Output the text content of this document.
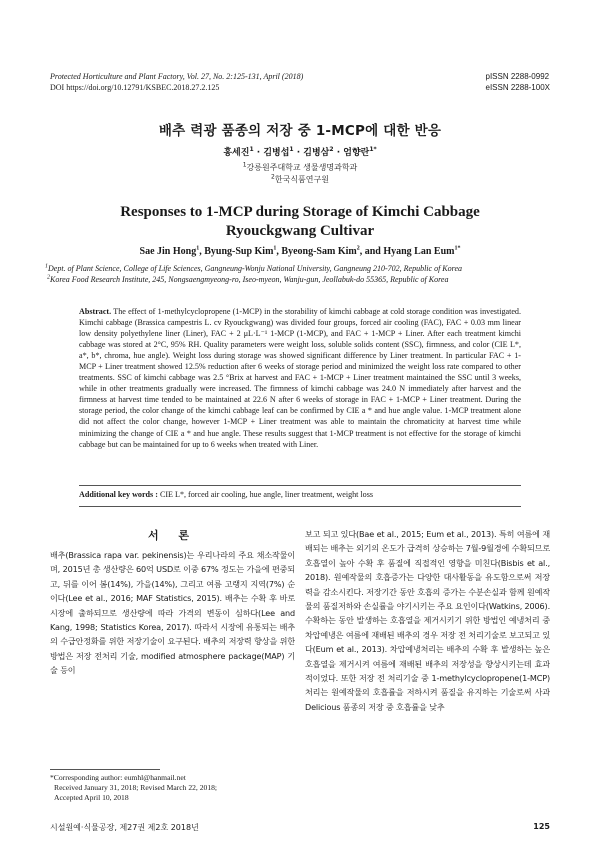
Protected Horticulture and Plant Factory, Vol. 27, No. 2:125-131, April (2018)
DOI https://doi.org/10.12791/KSBEC.2018.27.2.125
pISSN 2288-0992
eISSN 2288-100X
배추 력광 품종의 저장 중 1-MCP에 대한 반응
홍세진$^1$ · 김병섭$^1$ · 김병삼$^2$ · 엄향란$^{1*}$
$^1$강릉원주대학교 생물생명과학과
$^2$한국식품연구원
Responses to 1-MCP during Storage of Kimchi Cabbage
Ryouckgwang Cultivar
Sae Jin Hong$^1$, Byung-Sup Kim$^1$, Byeong-Sam Kim$^2$, and Hyang Lan Eum$^{1*}$
$^1$Dept. of Plant Science, College of Life Sciences, Gangneung-Wonju National University, Gangneung 210-702, Republic of Korea
$^2$Korea Food Research Institute, 245, Nongsaengmyeong-ro, Iseo-myeon, Wanju-gun, Jeollabuk-do 55365, Republic of Korea
Abstract. The effect of 1-methylcyclopropene (1-MCP) in the storability of kimchi cabbage at cold storage condition was investigated. Kimchi cabbage (Brassica campestris L. cv Ryouckgwang) was divided four groups, forced air cooling (FAC), FAC + 0.03 mm linear low density polyethylene liner (Liner), FAC + 2 μL·L⁻¹ 1-MCP (1-MCP), and FAC + 1-MCP + Liner. After each treatment kimchi cabbage was stored at 2°C, 95% RH. Quality parameters were weight loss, soluble solids content (SSC), firmness, and color (CIE L*, a*, b*, chroma, hue angle). Weight loss during storage was showed significant difference by Liner treatment. In particular FAC + 1-MCP + Liner treatment showed 12.5% reduction after 6 weeks of storage period and minimized the weight loss rate compared to other treatments. SSC of kimchi cabbage was 2.5 °Brix at harvest and FAC + 1-MCP + Liner treatment maintained the SSC until 3 weeks, while in other treatments gradually were increased. The firmness of kimchi cabbage was 24.0 N immediately after harvest and the firmness at harvest time tended to be maintained at 22.6 N after 6 weeks of storage in FAC + 1-MCP + Liner treatment. During the storage period, the color change of the kimchi cabbage leaf can be confirmed by CIE a * and hue angle value. 1-MCP treatment alone did not affect the color change, however 1-MCP + Liner treatment was able to maintain the chromaticity at harvest time while minimizing the change of CIE a * and hue angle. These results suggest that 1-MCP treatment is not effective for the storage of kimchi cabbage but can be maintained for up to 6 weeks when treated with Liner.
Additional key words : CIE L*, forced air cooling, hue angle, liner treatment, weight loss
서 론
배추(Brassica rapa var. pekinensis)는 우리나라의 주요 채소작물이며, 2015년 총 생산량은 60억 USD로 이중 67% 정도는 가을에 편중되고, 뒤를 이어 봄(14%), 가을(14%), 그리고 여름 고랭지 지역(7%) 순이다(Lee et al., 2016; MAF Statistics, 2015). 배추는 수확 후 바로 시장에 출하되므로 생산량에 따라 가격의 변동이 심하다(Lee and Kang, 1998; Statistics Korea, 2017). 따라서 시장에 유통되는 배추의 수급안정화를 위한 저장기술이 요구된다. 배추의 저장력 향상을 위한 방법은 저장 전처리 기술, modified atmosphere package(MAP) 기술 등이
보고 되고 있다(Bae et al., 2015; Eum et al., 2013). 특히 여름에 재배되는 배추는 외기의 온도가 급격히 상승하는 7월-9월경에 수확되므로 호흡열이 높아 수확 후 품질에 직접적인 영향을 미친다(Bisbis et al., 2018). 원예작물의 호흡증가는 다양한 대사활동을 유도함으로써 저장력을 감소시킨다. 저장기간 동안 호흡의 증가는 수분손실과 함께 원예작물의 품질저하와 손실률을 야기시키는 주요 요인이다(Watkins, 2006). 수확하는 동안 발생하는 호흡열을 제거시키기 위한 방법인 예냉처리 중 차압예냉은 여름에 재배된 배추의 경우 저장 전 처리기술로 보고되고 있다(Eum et al., 2013). 차압예냉처리는 배추의 수확 후 발생하는 높은 호흡열을 제거시켜 여름에 재배된 배추의 저장성을 향상시키는데 효과적이었다. 또한 저장 전 처리기술 중 1-methylcyclopropene(1-MCP) 처리는 원예작물의 호흡률을 저하시켜 품질을 유지하는 기술로써 사과 Delicious 품종의 저장 중 호흡률을 낮추
*Corresponding author: eumhl@hanmail.net
Received January 31, 2018; Revised March 22, 2018;
Accepted April 10, 2018
시설원예·식물공장, 제27권 제2호 2018년	125
